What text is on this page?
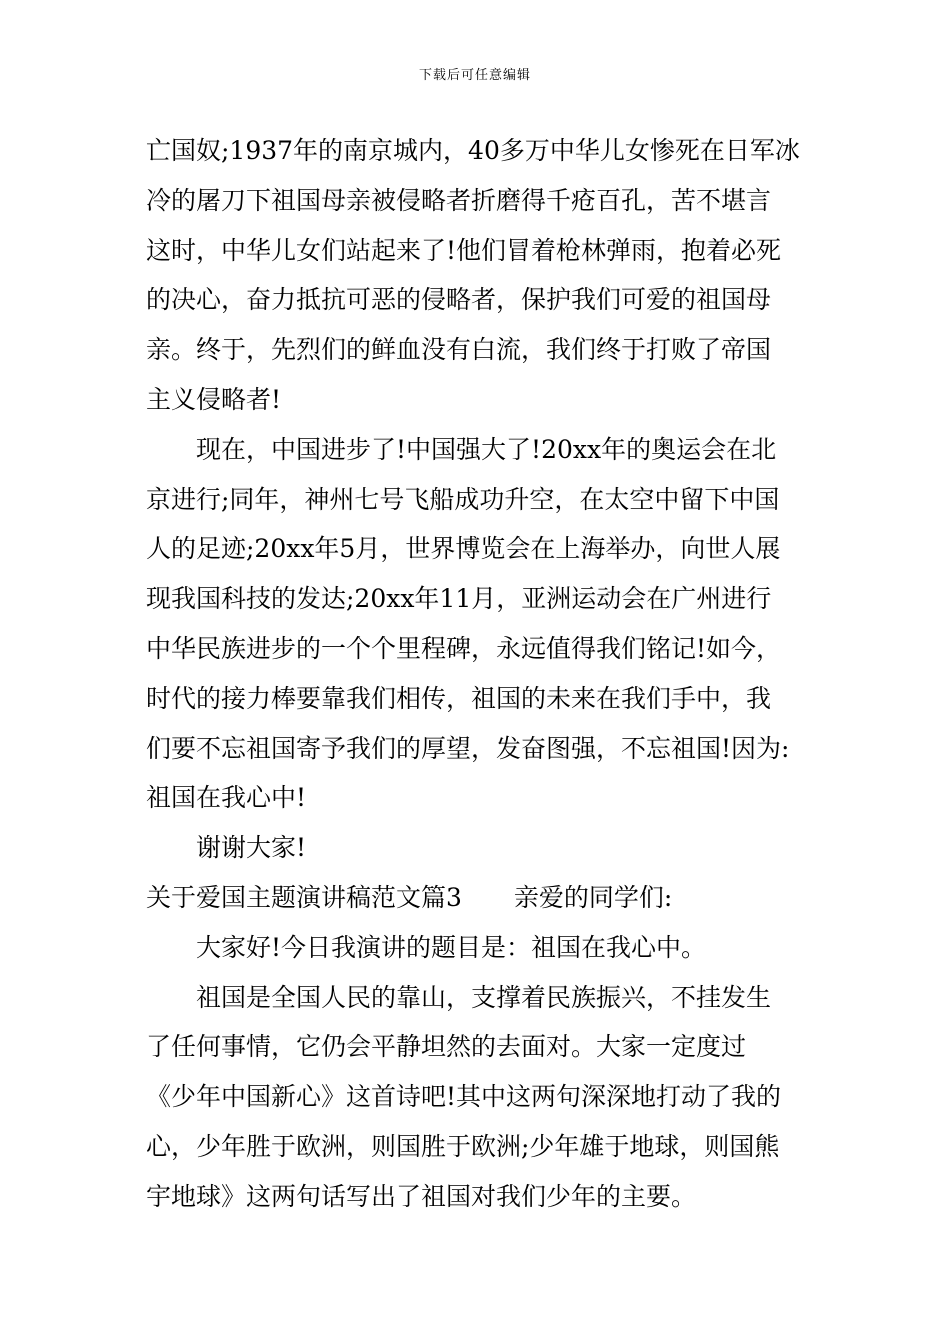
下载后可任意编辑
亡国奴;1937年的南京城内，40多万中华儿女惨死在日军冰
冷的屠刀下祖国母亲被侵略者折磨得千疮百孔，苦不堪言
这时，中华儿女们站起来了!他们冒着枪林弹雨，抱着必死
的决心，奋力抵抗可恶的侵略者，保护我们可爱的祖国母
亲。终于，先烈们的鲜血没有白流，我们终于打败了帝国
主义侵略者!
现在，中国进步了!中国强大了!20xx年的奥运会在北
京进行;同年，神州七号飞船成功升空，在太空中留下中国
人的足迹;20xx年5月，世界博览会在上海举办，向世人展
现我国科技的发达;20xx年11月，亚洲运动会在广州进行
中华民族进步的一个个里程碑，永远值得我们铭记!如今，
时代的接力棒要靠我们相传，祖国的未来在我们手中，我
们要不忘祖国寄予我们的厚望，发奋图强，不忘祖国!因为:
祖国在我心中!
谢谢大家!
关于爱国主题演讲稿范文篇3 亲爱的同学们:
大家好!今日我演讲的题目是：祖国在我心中。
祖国是全国人民的靠山，支撑着民族振兴，不挂发生
了任何事情，它仍会平静坦然的去面对。大家一定度过
《少年中国新心》这首诗吧!其中这两句深深地打动了我的
心，少年胜于欧洲，则国胜于欧洲;少年雄于地球，则国熊
宇地球》这两句话写出了祖国对我们少年的主要。
